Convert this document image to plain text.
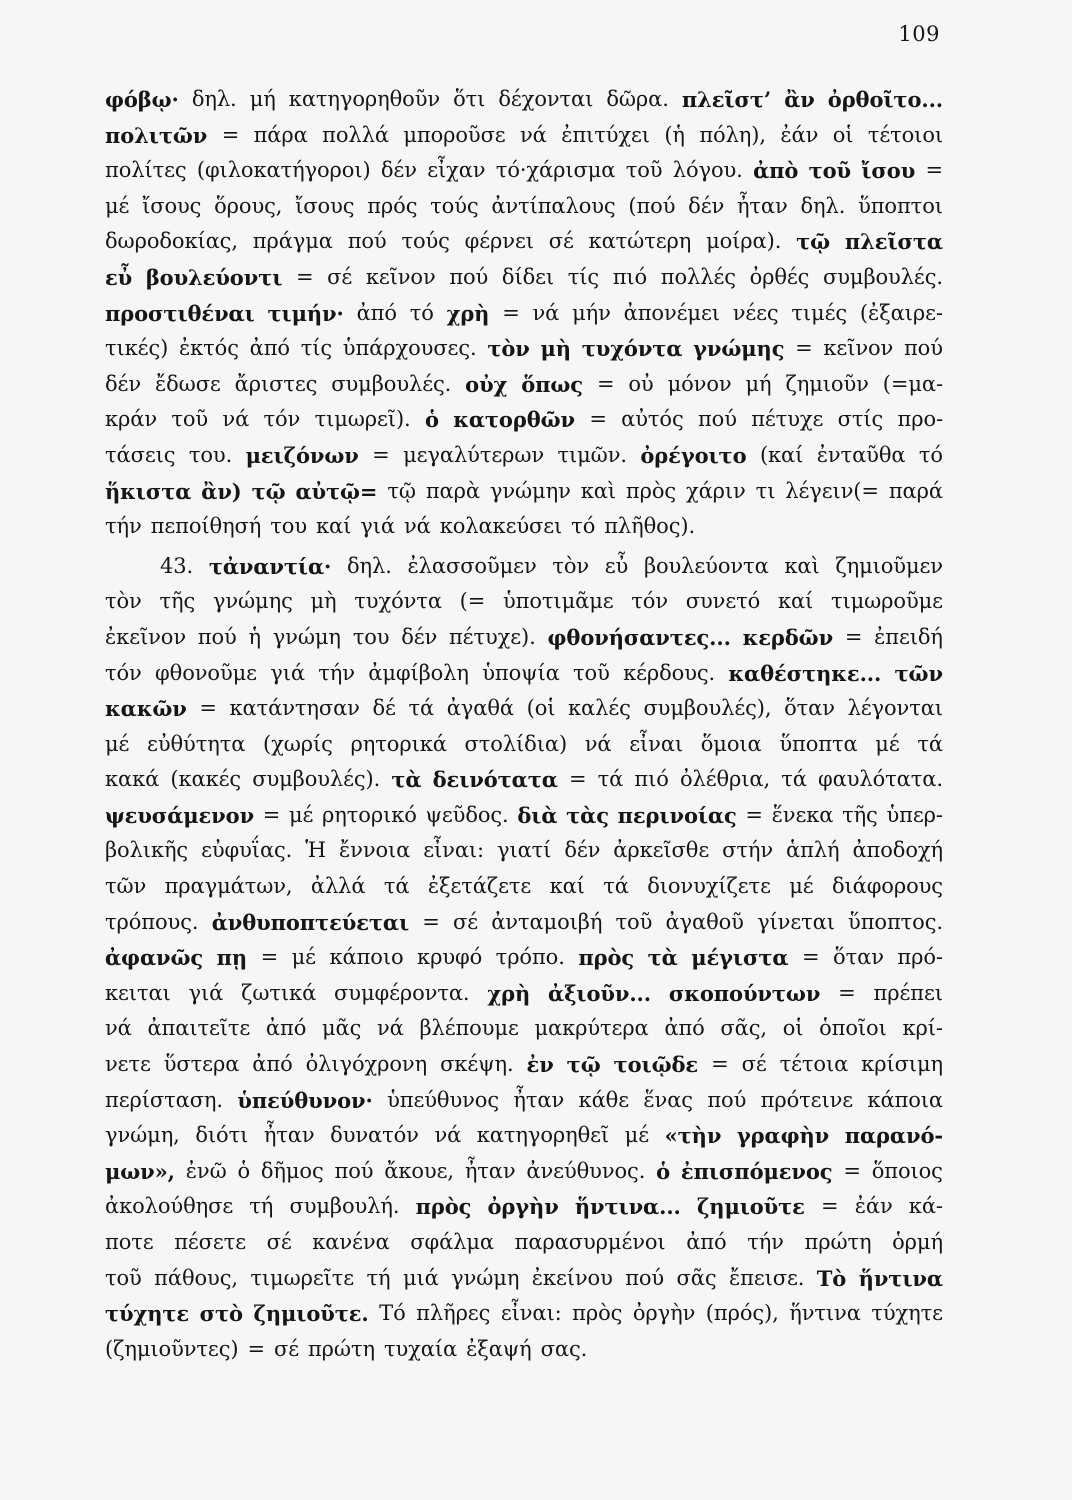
109
φόβῳ· δηλ. μή κατηγορηθοῦν ὅτι δέχονται δῶρα. πλεῖστ’ ἂν ὀρθοῖτο...
πολιτῶν = πάρα πολλά μποροῦσε νά ἐπιτύχει (ἡ πόλη), ἐάν οἱ τέτοιοι
πολίτες (φιλοκατήγοροι) δέν εἶχαν τό·χάρισμα τοῦ λόγου. ἀπὸ τοῦ ἴσου =
μέ ἴσους ὅρους, ἴσους πρός τούς ἀντίπαλους (πού δέν ἦταν δηλ. ὕποπτοι
δωροδοκίας, πράγμα πού τούς φέρνει σέ κατώτερη μοίρα). τῷ πλεῖστα
εὖ βουλεύοντι = σέ κεῖνον πού δίδει τίς πιό πολλές ὀρθές συμβουλές.
προστιθέναι τιμήν· ἀπό τό χρὴ = νά μήν ἀπονέμει νέες τιμές (ἐξαιρε-
τικές) ἐκτός ἀπό τίς ὑπάρχουσες. τὸν μὴ τυχόντα γνώμης = κεῖνον πού
δέν ἔδωσε ἄριστες συμβουλές. οὐχ ὅπως = οὐ μόνον μή ζημιοῦν (=μα-
κράν τοῦ νά τόν τιμωρεῖ). ὁ κατορθῶν = αὐτός πού πέτυχε στίς προ-
τάσεις του. μειζόνων = μεγαλύτερων τιμῶν. ὀρέγοιτο (καί ἐνταῦθα τό
ἥκιστα ἂν) τῷ αὐτῷ= τῷ παρὰ γνώμην καὶ πρὸς χάριν τι λέγειν(= παρά
τήν πεποίθησή του καί γιά νά κολακεύσει τό πλῆθος).
43. τἀναντία· δηλ. ἐλασσοῦμεν τὸν εὖ βουλεύοντα καὶ ζημιοῦμεν
τὸν τῆς γνώμης μὴ τυχόντα (= ὑποτιμᾶμε τόν συνετό καί τιμωροῦμε
ἐκεῖνον πού ἡ γνώμη του δέν πέτυχε). φθονήσαντες... κερδῶν = ἐπειδή
τόν φθονοῦμε γιά τήν ἀμφίβολη ὑποψία τοῦ κέρδους. καθέστηκε... τῶν
κακῶν = κατάντησαν δέ τά ἀγαθά (οἱ καλές συμβουλές), ὅταν λέγονται
μέ εὐθύτητα (χωρίς ρητορικά στολίδια) νά εἶναι ὅμοια ὕποπτα μέ τά
κακά (κακές συμβουλές). τὰ δεινότατα = τά πιό ὀλέθρια, τά φαυλότατα.
ψευσάμενον = μέ ρητορικό ψεῦδος. διὰ τὰς περινοίας = ἕνεκα τῆς ὑπερ-
βολικῆς εὐφυΐας. Ἡ ἔννοια εἶναι: γιατί δέν ἀρκεῖσθε στήν ἁπλή ἀποδοχή
τῶν πραγμάτων, ἀλλά τά ἐξετάζετε καί τά διονυχίζετε μέ διάφορους
τρόπους. ἀνθυποπτεύεται = σέ ἀνταμοιβή τοῦ ἀγαθοῦ γίνεται ὕποπτος.
ἀφανῶς πῃ = μέ κάποιο κρυφό τρόπο. πρὸς τὰ μέγιστα = ὅταν πρό-
κειται γιά ζωτικά συμφέροντα. χρὴ ἀξιοῦν... σκοπούντων = πρέπει
νά ἀπαιτεῖτε ἀπό μᾶς νά βλέπουμε μακρύτερα ἀπό σᾶς, οἱ ὁποῖοι κρί-
νετε ὕστερα ἀπό ὀλιγόχρονη σκέψη. ἐν τῷ τοιῷδε = σέ τέτοια κρίσιμη
περίσταση. ὑπεύθυνον· ὑπεύθυνος ἦταν κάθε ἕνας πού πρότεινε κάποια
γνώμη, διότι ἦταν δυνατόν νά κατηγορηθεῖ μέ «τὴν γραφὴν παρανό-
μων», ἐνῶ ὁ δῆμος πού ἄκουε, ἦταν ἀνεύθυνος. ὁ ἐπισπόμενος = ὅποιος
ἀκολούθησε τή συμβουλή. πρὸς ὀργὴν ἥντινα... ζημιοῦτε = ἐάν κά-
ποτε πέσετε σέ κανένα σφάλμα παρασυρμένοι ἀπό τήν πρώτη ὁρμή
τοῦ πάθους, τιμωρεῖτε τή μιά γνώμη ἐκείνου πού σᾶς ἔπεισε. Τὸ ἥντινα
τύχητε στὸ ζημιοῦτε. Τό πλῆρες εἶναι: πρὸς ὀργὴν (πρός), ἥντινα τύχητε
(ζημιοῦντες) = σέ πρώτη τυχαία ἐξαψή σας.
